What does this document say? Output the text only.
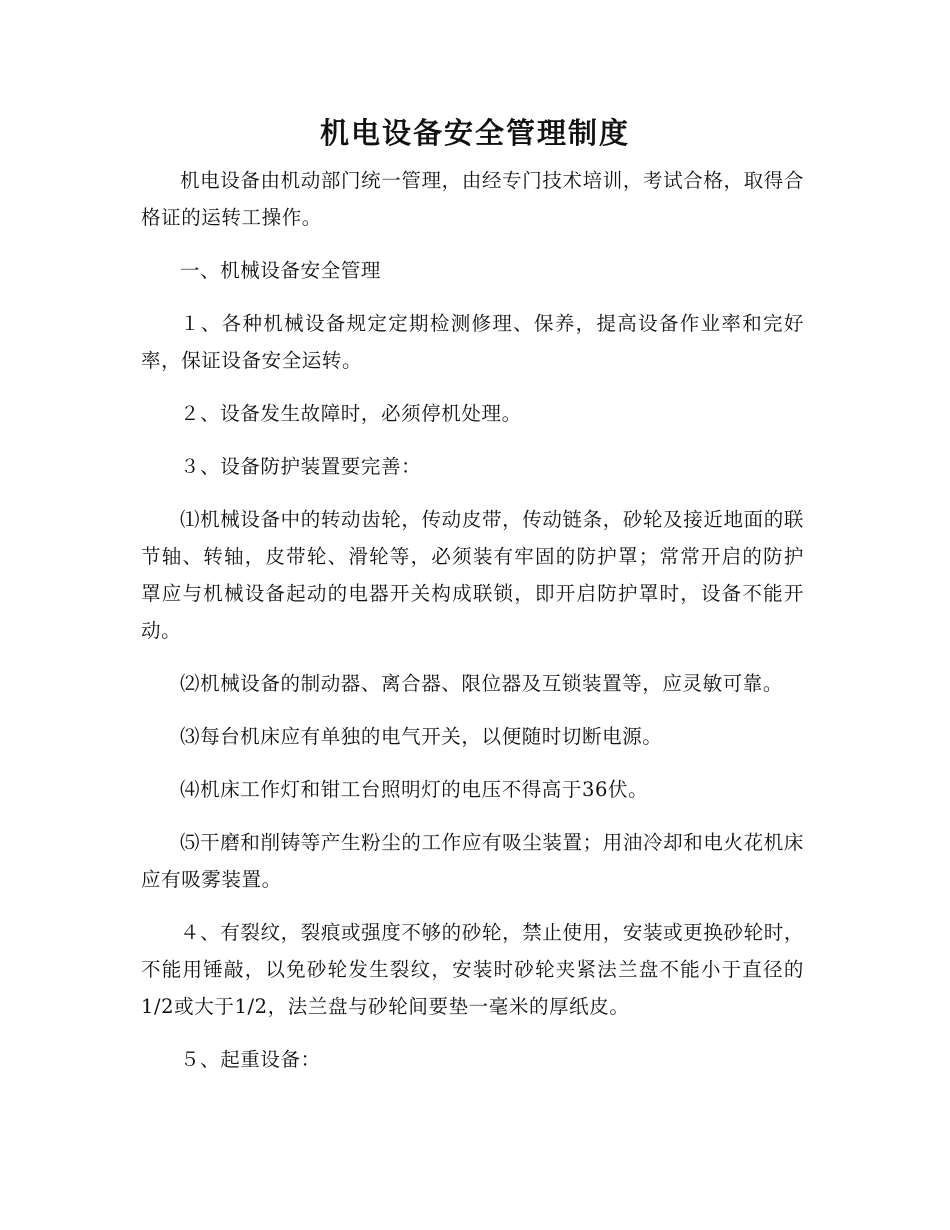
机电设备安全管理制度

机电设备由机动部门统一管理，由经专门技术培训，考试合格，取得合格证的运转工操作。

一、机械设备安全管理

１、各种机械设备规定定期检测修理、保养，提高设备作业率和完好率，保证设备安全运转。

２、设备发生故障时，必须停机处理。

３、设备防护装置要完善：

⑴机械设备中的转动齿轮，传动皮带，传动链条，砂轮及接近地面的联节轴、转轴，皮带轮、滑轮等，必须装有牢固的防护罩；常常开启的防护罩应与机械设备起动的电器开关构成联锁，即开启防护罩时，设备不能开动。

⑵机械设备的制动器、离合器、限位器及互锁装置等，应灵敏可靠。

⑶每台机床应有单独的电气开关，以便随时切断电源。

⑷机床工作灯和钳工台照明灯的电压不得高于36伏。

⑸干磨和削铸等产生粉尘的工作应有吸尘装置；用油冷却和电火花机床应有吸雾装置。

４、有裂纹，裂痕或强度不够的砂轮，禁止使用，安装或更换砂轮时，不能用锤敲，以免砂轮发生裂纹，安装时砂轮夹紧法兰盘不能小于直径的1/2或大于1/2，法兰盘与砂轮间要垫一毫米的厚纸皮。

５、起重设备：
